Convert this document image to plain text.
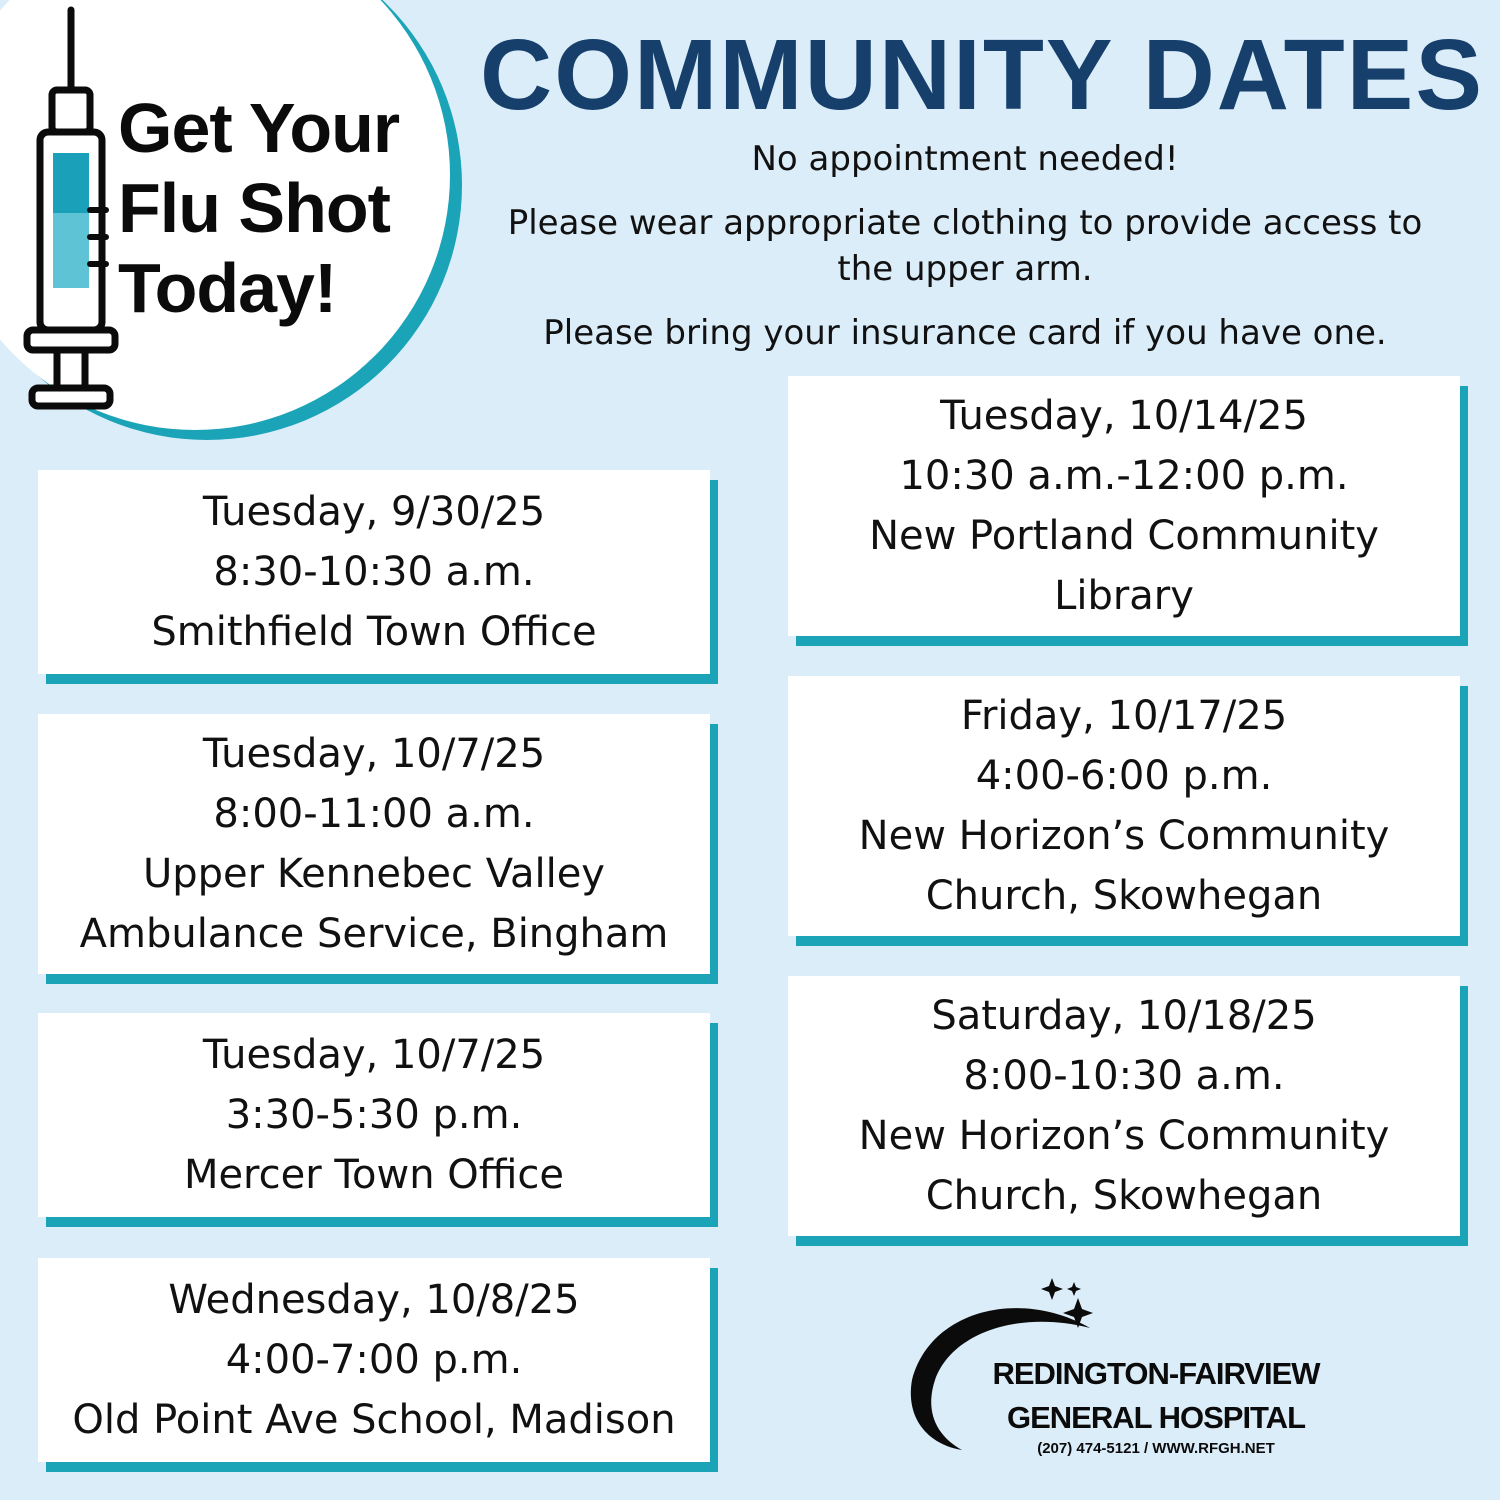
Get Your
Flu Shot
Today!
COMMUNITY DATES
No appointment needed!
Please wear appropriate clothing to provide access to the upper arm.
Please bring your insurance card if you have one.
Tuesday, 9/30/25
8:30-10:30 a.m.
Smithfield Town Office
Tuesday, 10/7/25
8:00-11:00 a.m.
Upper Kennebec Valley
Ambulance Service, Bingham
Tuesday, 10/7/25
3:30-5:30 p.m.
Mercer Town Office
Wednesday, 10/8/25
4:00-7:00 p.m.
Old Point Ave School, Madison
Tuesday, 10/14/25
10:30 a.m.-12:00 p.m.
New Portland Community
Library
Friday, 10/17/25
4:00-6:00 p.m.
New Horizon’s Community
Church, Skowhegan
Saturday, 10/18/25
8:00-10:30 a.m.
New Horizon’s Community
Church, Skowhegan
REDINGTON-FAIRVIEW
GENERAL HOSPITAL
(207) 474-5121 / WWW.RFGH.NET
